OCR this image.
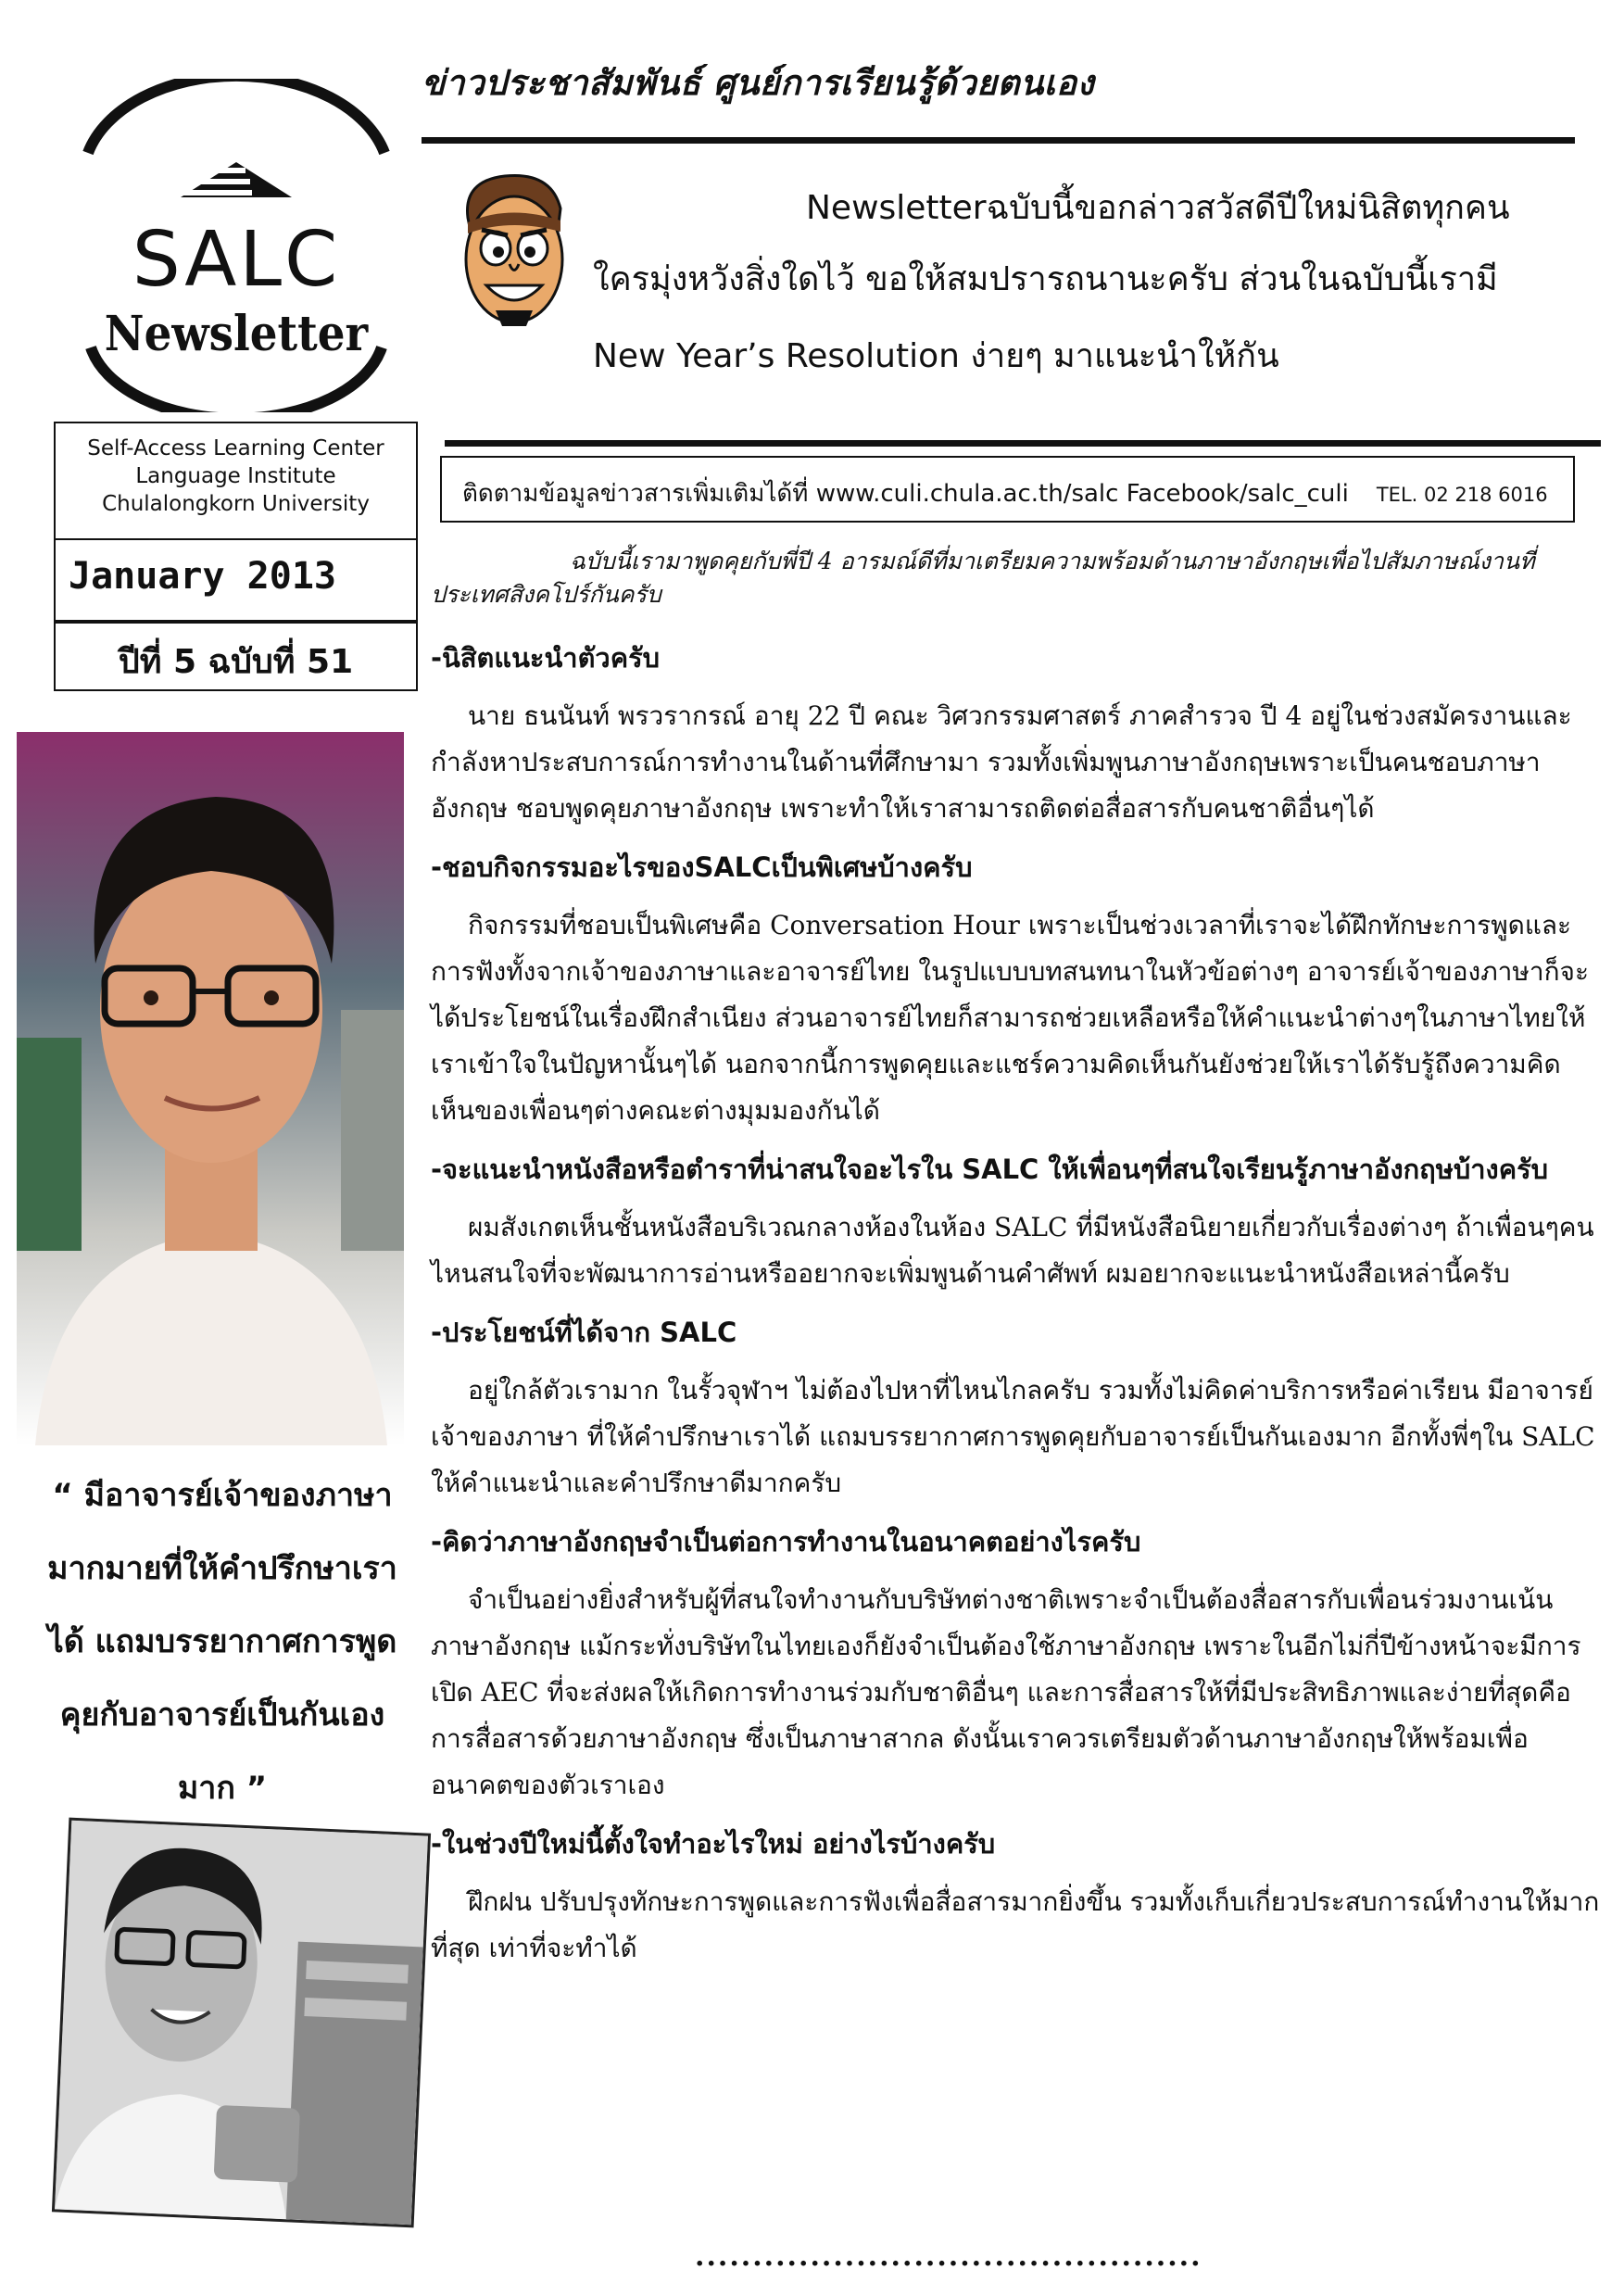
ข่าวประชาสัมพันธ์ ศูนย์การเรียนรู้ด้วยตนเอง
SALC
Newsletter
Self-Access Learning Center
Language Institute
Chulalongkorn University
January 2013
ปีที่ 5 ฉบับที่ 51
Newsletterฉบับนี้ขอกล่าวสวัสดีปีใหม่นิสิตทุกคน
ใครมุ่งหวังสิ่งใดไว้ ขอให้สมปรารถนานะครับ ส่วนในฉบับนี้เรามี
New Year’s Resolution ง่ายๆ มาแนะนำให้กัน
ติดตามข้อมูลข่าวสารเพิ่มเติมได้ที่ www.culi.chula.ac.th/salc Facebook/salc_culi TEL. 02 218 6016
ฉบับนี้เรามาพูดคุยกับพี่ปี 4 อารมณ์ดีที่มาเตรียมความพร้อมด้านภาษาอังกฤษเพื่อไปสัมภาษณ์งานที่ประเทศสิงคโปร์กันครับ

-นิสิตแนะนำตัวครับ

นาย ธนนันท์ พรวรากรณ์ อายุ 22 ปี คณะ วิศวกรรมศาสตร์ ภาคสำรวจ ปี 4 อยู่ในช่วงสมัครงานและกำลังหาประสบการณ์การทำงานในด้านที่ศึกษามา รวมทั้งเพิ่มพูนภาษาอังกฤษเพราะเป็นคนชอบภาษาอังกฤษ ชอบพูดคุยภาษาอังกฤษ เพราะทำให้เราสามารถติดต่อสื่อสารกับคนชาติอื่นๆได้

-ชอบกิจกรรมอะไรของSALCเป็นพิเศษบ้างครับ

กิจกรรมที่ชอบเป็นพิเศษคือ Conversation Hour เพราะเป็นช่วงเวลาที่เราจะได้ฝึกทักษะการพูดและการฟังทั้งจากเจ้าของภาษาและอาจารย์ไทย ในรูปแบบบทสนทนาในหัวข้อต่างๆ อาจารย์เจ้าของภาษาก็จะได้ประโยชน์ในเรื่องฝึกสำเนียง ส่วนอาจารย์ไทยก็สามารถช่วยเหลือหรือให้คำแนะนำต่างๆในภาษาไทยให้เราเข้าใจในปัญหานั้นๆได้ นอกจากนี้การพูดคุยและแชร์ความคิดเห็นกันยังช่วยให้เราได้รับรู้ถึงความคิดเห็นของเพื่อนๆต่างคณะต่างมุมมองกันได้

-จะแนะนำหนังสือหรือตำราที่น่าสนใจอะไรใน SALC ให้เพื่อนๆที่สนใจเรียนรู้ภาษาอังกฤษบ้างครับ

ผมสังเกตเห็นชั้นหนังสือบริเวณกลางห้องในห้อง SALC ที่มีหนังสือนิยายเกี่ยวกับเรื่องต่างๆ ถ้าเพื่อนๆคนไหนสนใจที่จะพัฒนาการอ่านหรืออยากจะเพิ่มพูนด้านคำศัพท์ ผมอยากจะแนะนำหนังสือเหล่านี้ครับ

-ประโยชน์ที่ได้จาก SALC

อยู่ใกล้ตัวเรามาก ในรั้วจุฬาฯ ไม่ต้องไปหาที่ไหนไกลครับ รวมทั้งไม่คิดค่าบริการหรือค่าเรียน มีอาจารย์เจ้าของภาษา ที่ให้คำปรึกษาเราได้ แถมบรรยากาศการพูดคุยกับอาจารย์เป็นกันเองมาก อีกทั้งพี่ๆใน SALC ให้คำแนะนำและคำปรึกษาดีมากครับ

-คิดว่าภาษาอังกฤษจำเป็นต่อการทำงานในอนาคตอย่างไรครับ

จำเป็นอย่างยิ่งสำหรับผู้ที่สนใจทำงานกับบริษัทต่างชาติเพราะจำเป็นต้องสื่อสารกับเพื่อนร่วมงานเน้นภาษาอังกฤษ แม้กระทั่งบริษัทในไทยเองก็ยังจำเป็นต้องใช้ภาษาอังกฤษ เพราะในอีกไม่กี่ปีข้างหน้าจะมีการเปิด AEC ที่จะส่งผลให้เกิดการทำงานร่วมกับชาติอื่นๆ และการสื่อสารให้ที่มีประสิทธิภาพและง่ายที่สุดคือการสื่อสารด้วยภาษาอังกฤษ ซึ่งเป็นภาษาสากล ดังนั้นเราควรเตรียมตัวด้านภาษาอังกฤษให้พร้อมเพื่ออนาคตของตัวเราเอง

-ในช่วงปีใหม่นี้ตั้งใจทำอะไรใหม่ อย่างไรบ้างครับ

ฝึกฝน ปรับปรุงทักษะการพูดและการฟังเพื่อสื่อสารมากยิ่งขึ้น รวมทั้งเก็บเกี่ยวประสบการณ์ทำงานให้มากที่สุด เท่าที่จะทำได้

............................................
“ มีอาจารย์เจ้าของภาษามากมายที่ให้คำปรึกษาเราได้ แถมบรรยากาศการพูดคุยกับอาจารย์เป็นกันเองมาก ”
